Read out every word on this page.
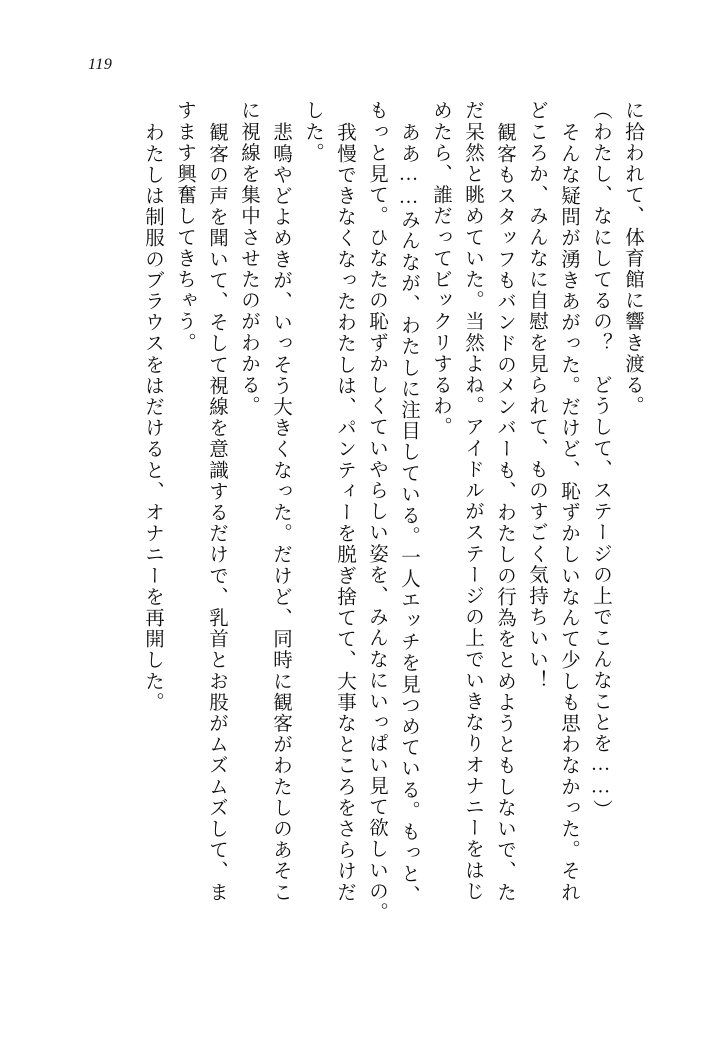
119
に拾われて、体育館に響き渡る。
（わたし、なにしてるの？　どうして、ステージの上でこんなことを……）
そんな疑問が湧きあがった。だけど、恥ずかしいなんて少しも思わなかった。それ
どころか、みんなに自慰を見られて、ものすごく気持ちいい！
観客もスタッフもバンドのメンバーも、わたしの行為をとめようともしないで、た
だ呆然と眺めていた。当然よね。アイドルがステージの上でいきなりオナニーをはじ
めたら、誰だってビックリするわ。
ああ……みんなが、わたしに注目している。一人エッチを見つめている。もっと、
もっと見て。ひなたの恥ずかしくていやらしい姿を、みんなにいっぱい見て欲しいの。
我慢できなくなったわたしは、パンティーを脱ぎ捨てて、大事なところをさらけだ
した。
悲鳴やどよめきが、いっそう大きくなった。だけど、同時に観客がわたしのあそこ
に視線を集中させたのがわかる。
観客の声を聞いて、そして視線を意識するだけで、乳首とお股がムズムズして、ま
すます興奮してきちゃう。
わたしは制服のブラウスをはだけると、オナニーを再開した。
